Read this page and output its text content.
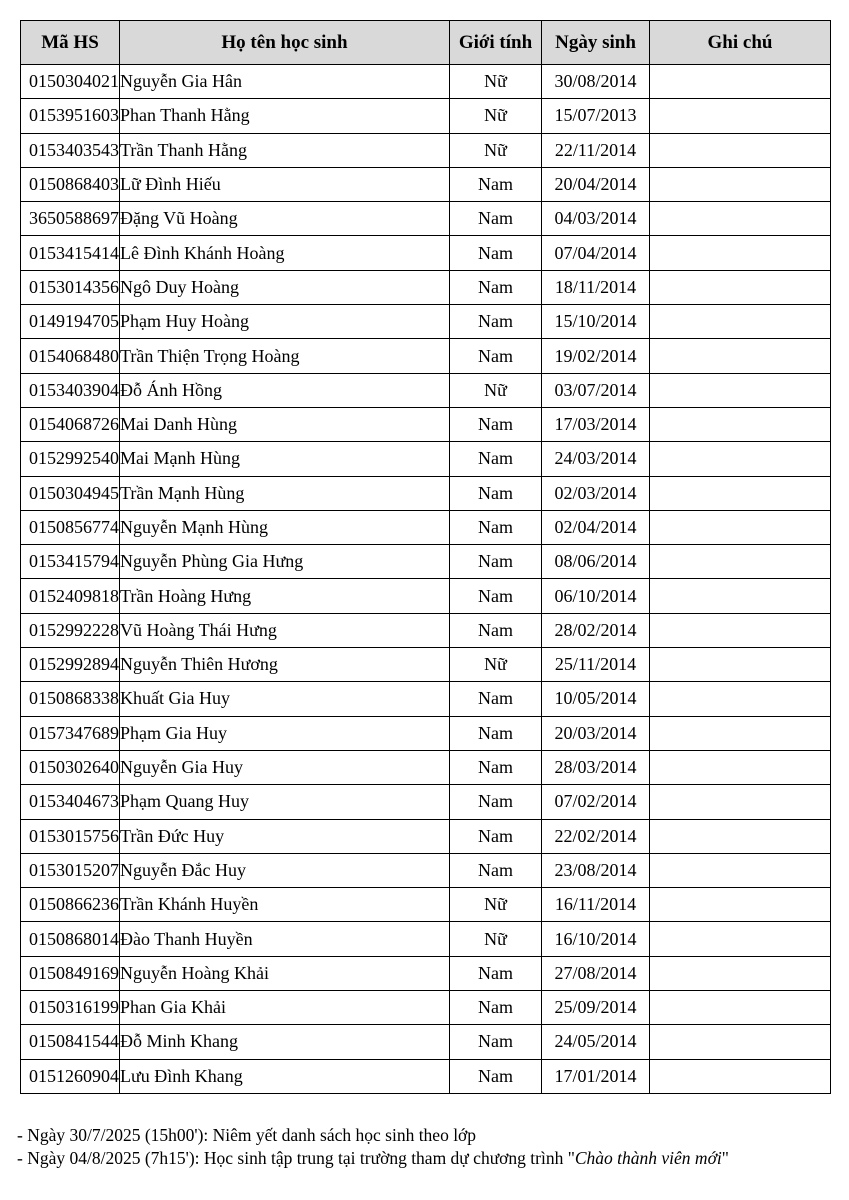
Mã HS	Họ tên học sinh	Giới tính	Ngày sinh	Ghi chú
0150304021	Nguyễn Gia Hân	Nữ	30/08/2014	
0153951603	Phan Thanh Hằng	Nữ	15/07/2013	
0153403543	Trần Thanh Hằng	Nữ	22/11/2014	
0150868403	Lữ Đình Hiếu	Nam	20/04/2014	
3650588697	Đặng Vũ Hoàng	Nam	04/03/2014	
0153415414	Lê Đình Khánh Hoàng	Nam	07/04/2014	
0153014356	Ngô Duy Hoàng	Nam	18/11/2014	
0149194705	Phạm Huy Hoàng	Nam	15/10/2014	
0154068480	Trần Thiện Trọng Hoàng	Nam	19/02/2014	
0153403904	Đỗ Ánh Hồng	Nữ	03/07/2014	
0154068726	Mai Danh Hùng	Nam	17/03/2014	
0152992540	Mai Mạnh Hùng	Nam	24/03/2014	
0150304945	Trần Mạnh Hùng	Nam	02/03/2014	
0150856774	Nguyễn Mạnh Hùng	Nam	02/04/2014	
0153415794	Nguyễn Phùng Gia Hưng	Nam	08/06/2014	
0152409818	Trần Hoàng Hưng	Nam	06/10/2014	
0152992228	Vũ Hoàng Thái Hưng	Nam	28/02/2014	
0152992894	Nguyễn Thiên Hương	Nữ	25/11/2014	
0150868338	Khuất Gia Huy	Nam	10/05/2014	
0157347689	Phạm Gia Huy	Nam	20/03/2014	
0150302640	Nguyễn Gia Huy	Nam	28/03/2014	
0153404673	Phạm Quang Huy	Nam	07/02/2014	
0153015756	Trần Đức Huy	Nam	22/02/2014	
0153015207	Nguyễn Đắc Huy	Nam	23/08/2014	
0150866236	Trần Khánh Huyền	Nữ	16/11/2014	
0150868014	Đào Thanh Huyền	Nữ	16/10/2014	
0150849169	Nguyễn Hoàng Khải	Nam	27/08/2014	
0150316199	Phan Gia Khải	Nam	25/09/2014	
0150841544	Đỗ Minh Khang	Nam	24/05/2014	
0151260904	Lưu Đình Khang	Nam	17/01/2014	
- Ngày 30/7/2025 (15h00'): Niêm yết danh sách học sinh theo lớp
- Ngày 04/8/2025 (7h15'): Học sinh tập trung tại trường tham dự chương trình "Chào thành viên mới"
